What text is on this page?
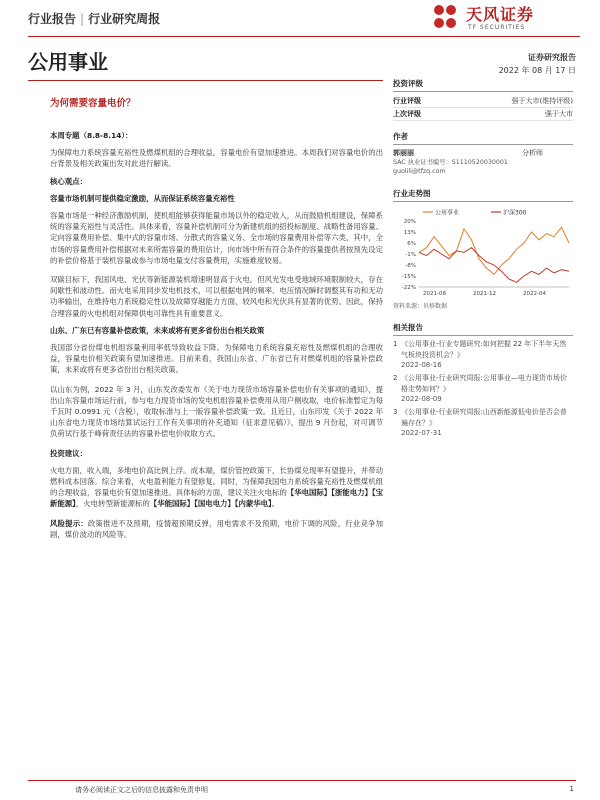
行业报告 | 行业研究周报	天风证券
TF SECURITIES
公用事业	证券研究报告
2022 年 08 月 17 日
为何需要容量电价？

本周专题（8.8-8.14）：

为保障电力系统容量充裕性及燃煤机组的合理收益，容量电价有望加速推进。本周我们对容量电价的出台背景及相关政策出发对此进行解读。

核心观点：

容量市场机制可提供稳定激励，从而保证系统容量充裕性

容量市场是一种经济激励机制，使机组能够获得能量市场以外的稳定收入，从而鼓励机组建设，保障系统的容量充裕性与灵活性。具体来看，容量补偿机制可分为新建机组的招投标制度、战略性备用容量、定向容量费用补偿、集中式的容量市场、分散式的容量义务、全市场的容量费用补偿等六类，其中，全市场的容量费用补偿根据对未来所需容量的费用估计，向市场中所有符合条件的容量提供者按预先设定的补偿价格基于装机容量或参与市场电量支付容量费用，实施难度较易。

双碳目标下，我国风电、光伏等新能源装机增速明显高于火电。但风光发电受地域环境限制较大，存在间歇性和波动性。而火电采用同步发电机技术，可以根据电网的频率、电压情况瞬时调整其有功和无功功率输出，在维持电力系统稳定性以及故障穿越能力方面，较风电和光伏具有显著的优势。因此，保持合理容量的火电机组对保障供电可靠性具有重要意义。

山东、广东已有容量补偿政策，未来或将有更多省份出台相关政策

我国部分省份煤电机组容量利用率低导致收益下降。为保障电力系统容量充裕性及燃煤机组的合理收益，容量电价相关政策有望加速推进。目前来看，我国山东省、广东省已有对燃煤机组的容量补偿政策，未来或将有更多省份出台相关政策。

以山东为例，2022 年 3 月，山东发改委发布《关于电力现货市场容量补偿电价有关事项的通知》，提出山东容量市场运行前，参与电力现货市场的发电机组容量补偿费用从用户侧收取，电价标准暂定为每千瓦时 0.0991 元（含税），收取标准与上一版容量补偿政策一致。且近日，山东印发《关于 2022 年山东省电力现货市场结算试运行工作有关事项的补充通知（征求意见稿）》，提出 9 月份起，对可调节负荷试行基于峰荷责任法的容量补偿电价收取方式。

投资建议：

火电方面，收入端，多地电价高比例上浮。成本端，煤价管控政策下，长协煤兑现率有望提升，并带动燃料成本回落。综合来看，火电盈利能力有望修复。同时，为保障我国电力系统容量充裕性及燃煤机组的合理收益，容量电价有望加速推进。具体标的方面，建议关注火电标的【华电国际】【浙能电力】【宝新能源】，火电转型新能源标的【华能国际】【国电电力】【内蒙华电】。

风险提示：政策推进不及预期，疫情超预期反弹，用电需求不及预期，电价下调的风险，行业竞争加剧，煤价波动的风险等。

投资评级
行业评级	强于大市(维持评级)
上次评级	强于大市
作者
郭丽丽	分析师
SAC 执业证书编号：S1110520030001
guolili@tfzq.com
行业走势图
公用事业	沪深300
20%
13%
6%
-1%
-8%
-15%
-22%
2021-08	2021-12	2022-04
资料来源：贝格数据
相关报告
1 《公用事业-行业专题研究:如何把握 22 年下半年天然气板块投资机会？》
2022-08-16
2 《公用事业-行业研究周报:公用事业—电力现货市场价格走势如何？》
2022-08-09
3 《公用事业-行业研究周报:山西新能源低电价是否会普遍存在？》
2022-07-31
请务必阅读正文之后的信息披露和免责申明	1
